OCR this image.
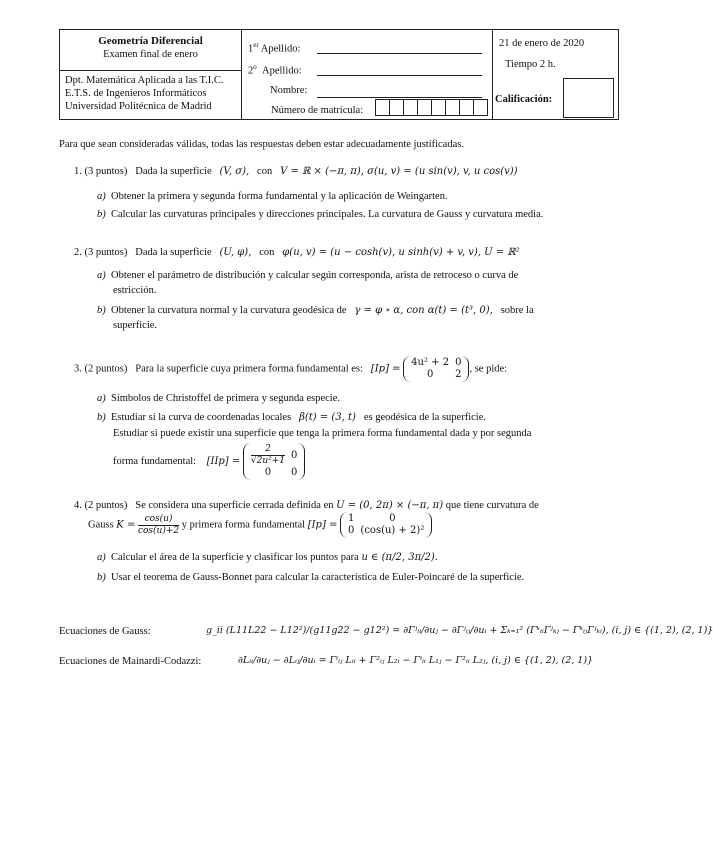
Geometría Diferencial
Examen final de enero
Dpt. Matemática Aplicada a las T.I.C.
E.T.S. de Ingenieros Informáticos
Universidad Politécnica de Madrid
1er Apellido:
2$^o$  Apellido:
Nombre:
Número de matrícula:
21 de enero de 2020
Tiempo 2 h.
Calificación:
Para que sean consideradas válidas, todas las respuestas deben estar adecuadamente justificadas.
1. (3 puntos) Dada la superficie (V, σ), con V = ℝ × (−π, π), σ(u, v) = (u sin(v), v, u cos(v))
a) Obtener la primera y segunda forma fundamental y la aplicación de Weingarten.
b) Calcular las curvaturas principales y direcciones principales. La curvatura de Gauss y curvatura media.
2. (3 puntos) Dada la superficie (U, φ), con φ(u, v) = (u − cosh(v), u sinh(v) + v, v), U = ℝ²
a) Obtener el parámetro de distribución y calcular según corresponda, arista de retroceso o curva de
estricción.
b) Obtener la curvatura normal y la curvatura geodésica de γ = φ ∘ α, con α(t) = (t³, 0), sobre la
superficie.
3. (2 puntos) Para la superficie cuya primera forma fundamental es: [Ip] =
4u² + 2	0
0	2
, se pide:
a) Símbolos de Christoffel de primera y segunda especie.
b) Estudiar si la curva de coordenadas locales β(t) = (3, t) es geodésica de la superficie.
Estudiar si puede existir una superficie que tenga la primera forma fundamental dada y por segunda
forma fundamental: $[IIp] = \frac{2}{\text{√2u²+1}}$	0
0	0
4. (2 puntos) Se considera una superficie cerrada definida en U = (0, 2π) × (−π, π) que tiene curvatura de
Gauss $K = \frac{\cos(u)}{\cos(u)+2}$ y primera forma fundamental [Ip] =
1	0
0	(cos(u) + 2)²
a) Calcular el área de la superficie y clasificar los puntos para u ∈ (π/2, 3π/2).
b) Usar el teorema de Gauss-Bonnet para calcular la característica de Euler-Poincaré de la superficie.
Ecuaciones de Gauss:	g_ii (L11L22 − L12²)/(g11g22 − g12²) = ∂Γʲᵢᵢ/∂uⱼ − ∂Γʲᵢⱼ/∂uᵢ + Σₖ₌₁² (ΓᵏᵢᵢΓʲₖⱼ − ΓᵏᵢⱼΓʲₖᵢ), (i, j) ∈ {(1, 2), (2, 1)}
Ecuaciones de Mainardi-Codazzi:	∂Lᵢᵢ/∂uⱼ − ∂Lᵢⱼ/∂uᵢ = Γⁱᵢⱼ Lᵢᵢ + Γ²ᵢⱼ L₂ᵢ − Γⁱᵢᵢ L₁ⱼ − Γ²ᵢᵢ L₂ⱼ, (i, j) ∈ {(1, 2), (2, 1)}
